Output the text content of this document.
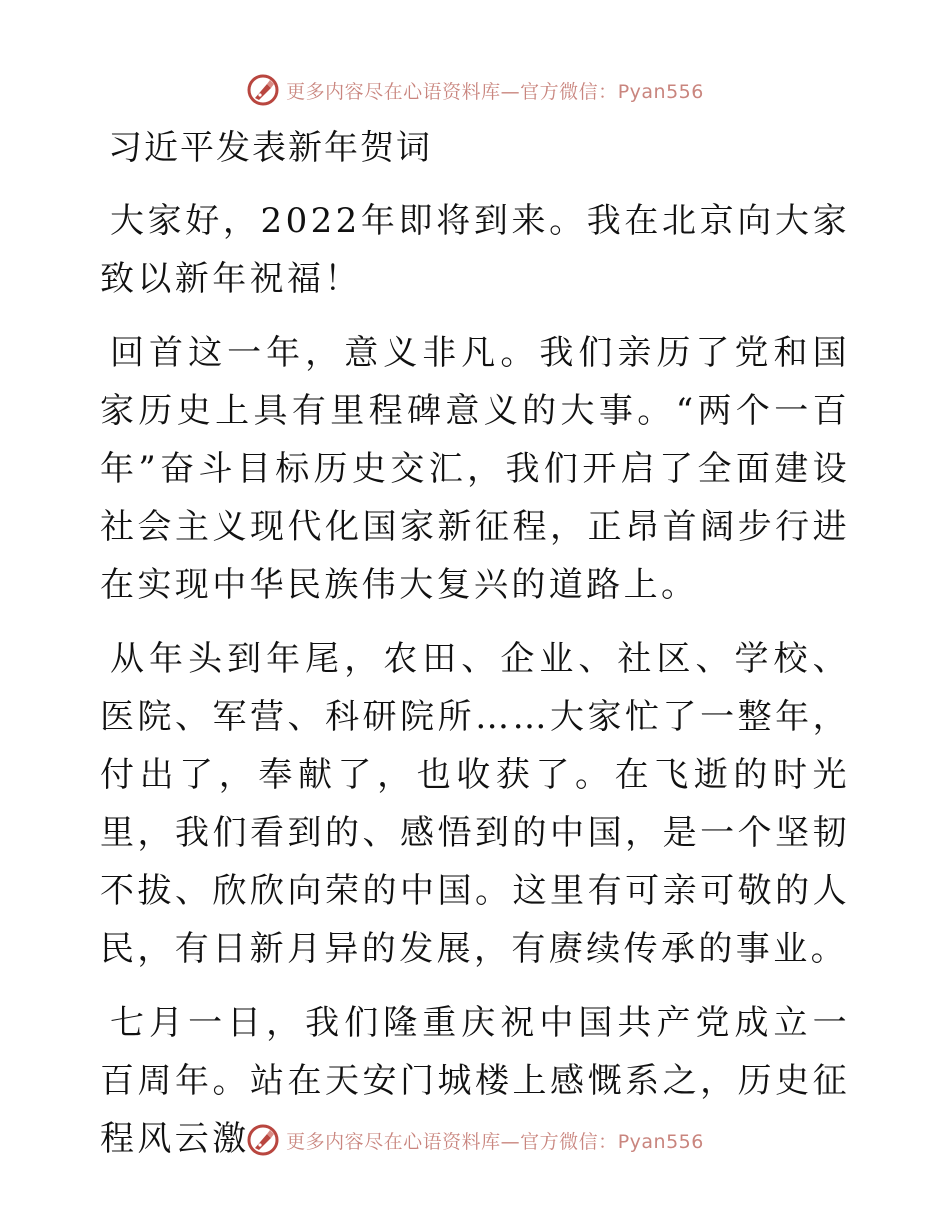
更多内容尽在心语资料库—官方微信：Pyan556
习近平发表新年贺词

大家好，2022年即将到来。我在北京向大家致以新年祝福！

回首这一年，意义非凡。我们亲历了党和国家历史上具有里程碑意义的大事。“两个一百年”奋斗目标历史交汇，我们开启了全面建设社会主义现代化国家新征程，正昂首阔步行进在实现中华民族伟大复兴的道路上。

从年头到年尾，农田、企业、社区、学校、医院、军营、科研院所……大家忙了一整年，付出了，奉献了，也收获了。在飞逝的时光里，我们看到的、感悟到的中国，是一个坚韧不拔、欣欣向荣的中国。这里有可亲可敬的人民，有日新月异的发展，有赓续传承的事业。

七月一日，我们隆重庆祝中国共产党成立一百周年。站在天安门城楼上感慨系之，历史征程风云激	更多内容尽在心语资料库—官方微信：Pyan556
